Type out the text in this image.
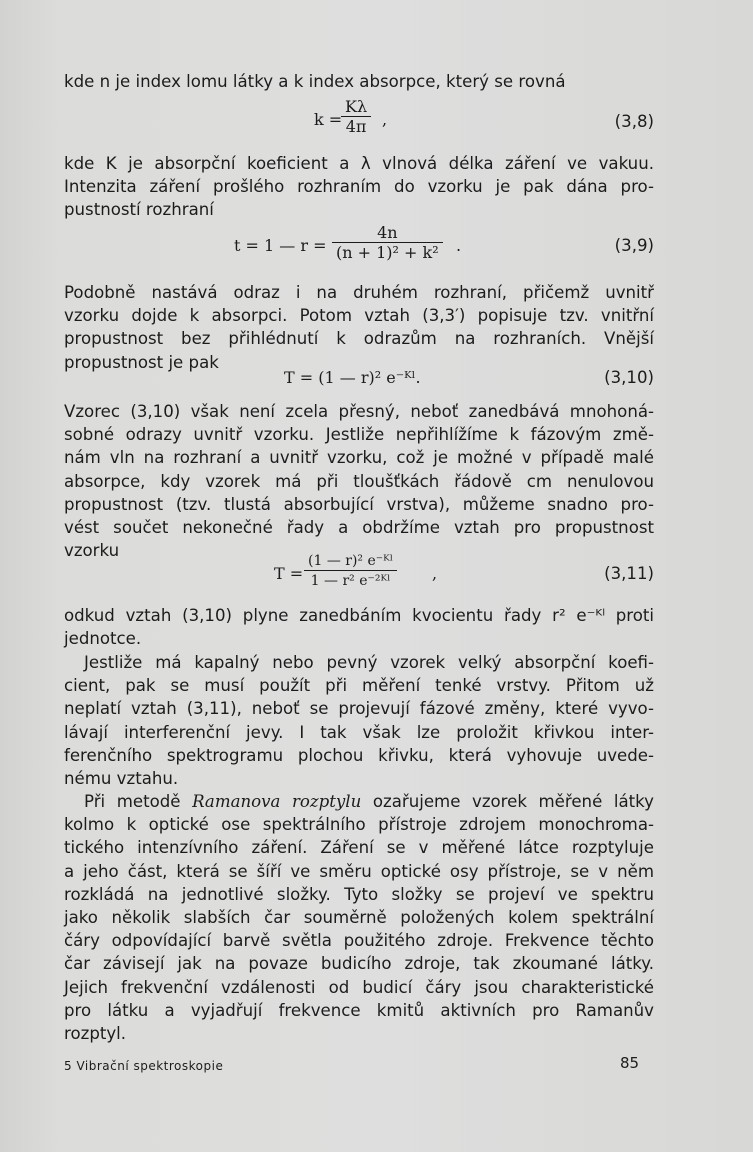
kde n je index lomu látky a k index absorpce, který se rovná
k =
$\frac{K\lambda}{4\pi}$ ,	(3,8)
kde K je absorpční koeficient a λ vlnová délka záření ve vakuu.
Intenzita záření prošlého rozhraním do vzorku je pak dána pro-
pustností rozhraní
t = 1 — $r = \frac{4n}{\text{(n + 1)² + k²}}$ .	(3,9)
Podobně nastává odraz i na druhém rozhraní, přičemž uvnitř
vzorku dojde k absorpci. Potom vztah (3,3′) popisuje tzv. vnitřní
propustnost bez přihlédnutí k odrazům na rozhraních. Vnější
propustnost je pak
T = (1 — r)² e⁻ᴷˡ.	(3,10)
Vzorec (3,10) však není zcela přesný, neboť zanedbává mnohoná-
sobné odrazy uvnitř vzorku. Jestliže nepřihlížíme k fázovým změ-
nám vln na rozhraní a uvnitř vzorku, což je možné v případě malé
absorpce, kdy vzorek má při tloušťkách řádově cm nenulovou
propustnost (tzv. tlustá absorbující vrstva), můžeme snadno pro-
vést součet nekonečné řady a obdržíme vztah pro propustnost
vzorku
$T = \frac{\text{(1 — r)² e⁻ᴷˡ}}{\text{1 — r² e⁻²ᴷˡ}}$ ,	(3,11)
odkud vztah (3,10) plyne zanedbáním kvocientu řady r² e⁻ᴷˡ proti
jednotce.
Jestliže má kapalný nebo pevný vzorek velký absorpční koefi-
cient, pak se musí použít při měření tenké vrstvy. Přitom už
neplatí vztah (3,11), neboť se projevují fázové změny, které vyvo-
lávají interferenční jevy. I tak však lze proložit křivkou inter-
ferenčního spektrogramu plochou křivku, která vyhovuje uvede-
nému vztahu.
Při metodě Ramanova rozptylu ozařujeme vzorek měřené látky
kolmo k optické ose spektrálního přístroje zdrojem monochroma-
tického intenzívního záření. Záření se v měřené látce rozptyluje
a jeho část, která se šíří ve směru optické osy přístroje, se v něm
rozkládá na jednotlivé složky. Tyto složky se projeví ve spektru
jako několik slabších čar souměrně položených kolem spektrální
čáry odpovídající barvě světla použitého zdroje. Frekvence těchto
čar závisejí jak na povaze budicího zdroje, tak zkoumané látky.
Jejich frekvenční vzdálenosti od budicí čáry jsou charakteristické
pro látku a vyjadřují frekvence kmitů aktivních pro Ramanův
rozptyl.
5 Vibrační spektroskopie	85
